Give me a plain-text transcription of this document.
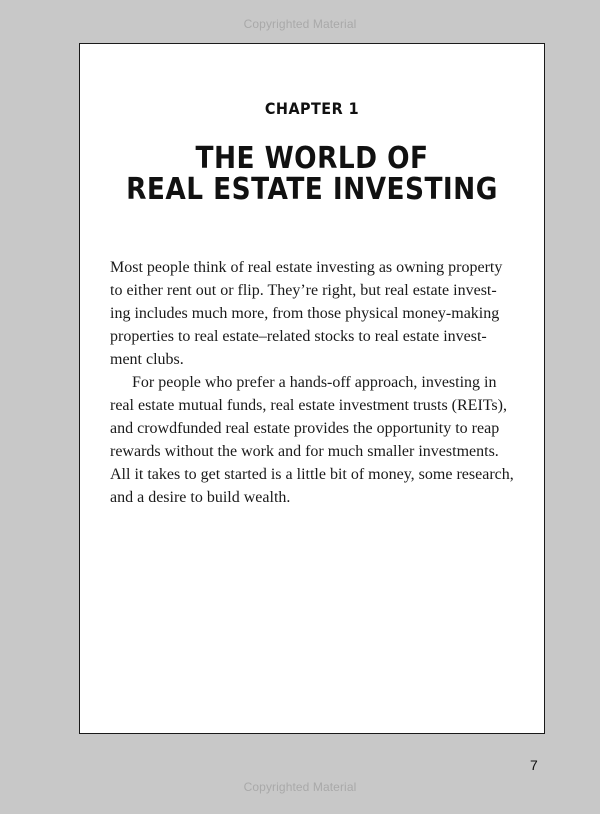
Copyrighted Material
CHAPTER 1
THE WORLD OF
REAL ESTATE INVESTING
Most people think of real estate investing as owning property
to either rent out or flip. They’re right, but real estate invest-
ing includes much more, from those physical money-making
properties to real estate–related stocks to real estate invest-
ment clubs.
For people who prefer a hands-off approach, investing in
real estate mutual funds, real estate investment trusts (REITs),
and crowdfunded real estate provides the opportunity to reap
rewards without the work and for much smaller investments.
All it takes to get started is a little bit of money, some research,
and a desire to build wealth.
7
Copyrighted Material
